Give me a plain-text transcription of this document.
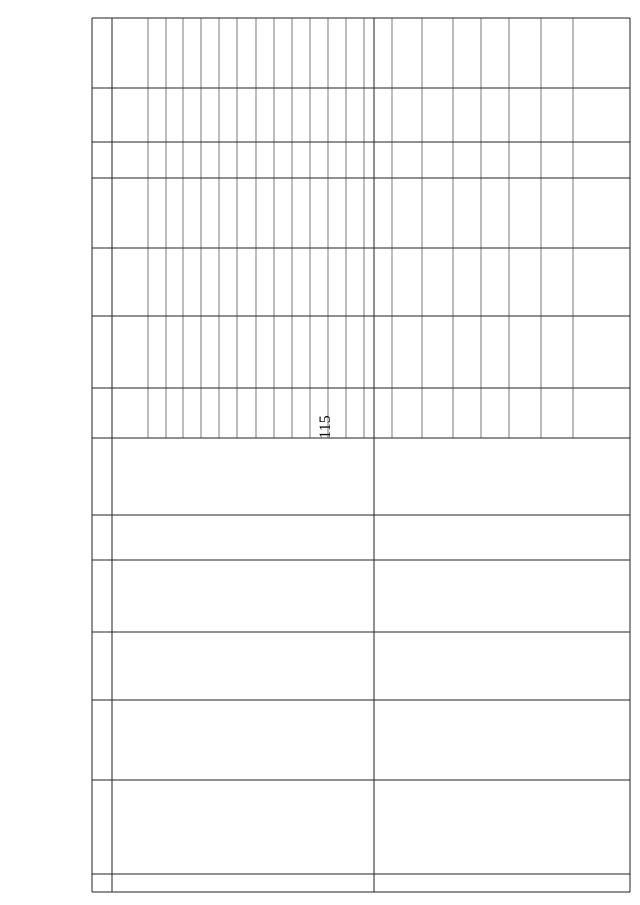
115
